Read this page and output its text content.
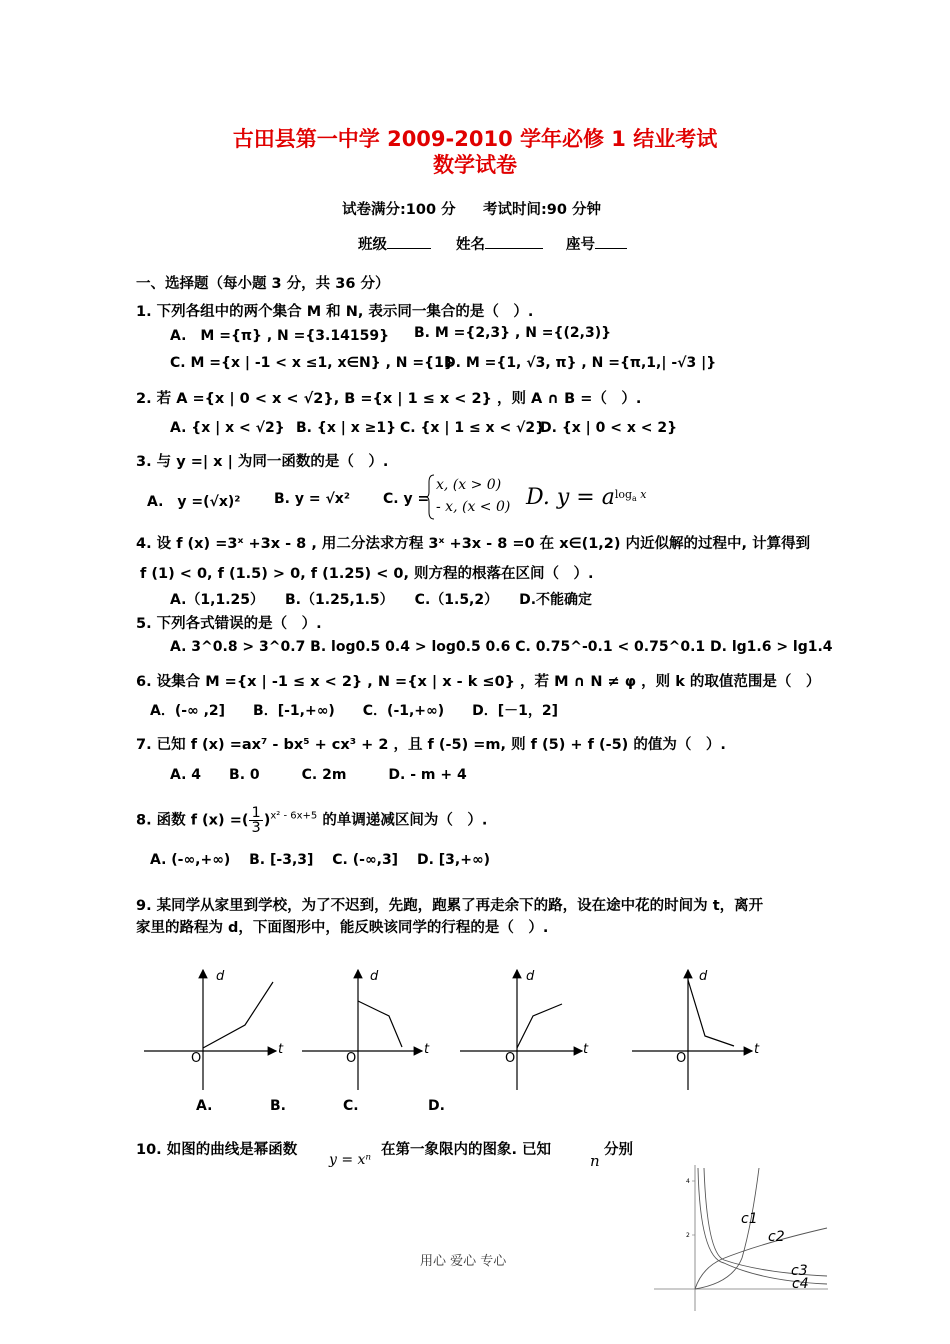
古田县第一中学 2009-2010 学年必修 1 结业考试
数学试卷
试卷满分:100 分 考试时间:90 分钟
班级	姓名	座号
一、选择题（每小题 3 分，共 36 分）
1. 下列各组中的两个集合 M 和 N, 表示同一集合的是（　）.
A.　M ={π} , N ={3.14159} B. M ={2,3} , N ={(2,3)}
C. M ={x | -1 < x ≤1, x∈N} , N ={1}
D. M ={1, √3, π} , N ={π,1,| -√3 |}
2. 若 A ={x | 0 < x < √2}, B ={x | 1 ≤ x < 2} ，则 A ∩ B =（　）.
A. {x | x < √2} B. {x | x ≥1} C. {x | 1 ≤ x < √2}
D. {x | 0 < x < 2}
3. 与 y =| x | 为同一函数的是（　）.
A.　y =(√x)² B. y = √x² C. y =
x, (x > 0)
- x, (x < 0) D. $y = a^{log_a x}$
4. 设 f (x) =3ˣ +3x - 8 , 用二分法求方程 3ˣ +3x - 8 =0 在 x∈(1,2) 内近似解的过程中, 计算得到
f (1) < 0, f (1.5) > 0, f (1.25) < 0, 则方程的根落在区间（　）.
A.（1,1.25）　　B.（1.25,1.5）　　C.（1.5,2）　　D.不能确定
5. 下列各式错误的是（　）.
A. 3^0.8 > 3^0.7 B. log0.5 0.4 > log0.5 0.6 C. 0.75^-0.1 < 0.75^0.1 D. lg1.6 > lg1.4
6. 设集合 M ={x | -1 ≤ x < 2} , N ={x | x - k ≤0} ，若 M ∩ N ≠ φ ，则 k 的取值范围是（　）
A．(-∞ ,2]　　B．[-1,+∞)　　C．(-1,+∞)　　D．[－1，2]
7. 已知 f (x) =ax⁷ - bx⁵ + cx³ + 2 ，且 f (-5) =m, 则 f (5) + f (-5) 的值为（　）.
A. 4　　B. 0　　　C. 2m　　　D. - m + 4
8. 函数 f (x) =( $\frac{1}{3} )^{x^2 - 6x+5}$ 的单调递减区间为（　）.
A. (-∞,+∞)　 B. [-3,3]　 C. (-∞,3]　 D. [3,+∞)
9. 某同学从家里到学校，为了不迟到，先跑，跑累了再走余下的路，设在途中花的时间为 t，离开
家里的路程为 d，下面图形中，能反映该同学的行程的是（　）.
d
t
O
d
t
O
d
t
O
d
t
O
A.	B.	C.	D.
10. 如图的曲线是幂函数
y = xⁿ
在第一象限内的图象. 已知
n
分别
4
2
c1
c2
c3
c4
用心 爱心 专心
